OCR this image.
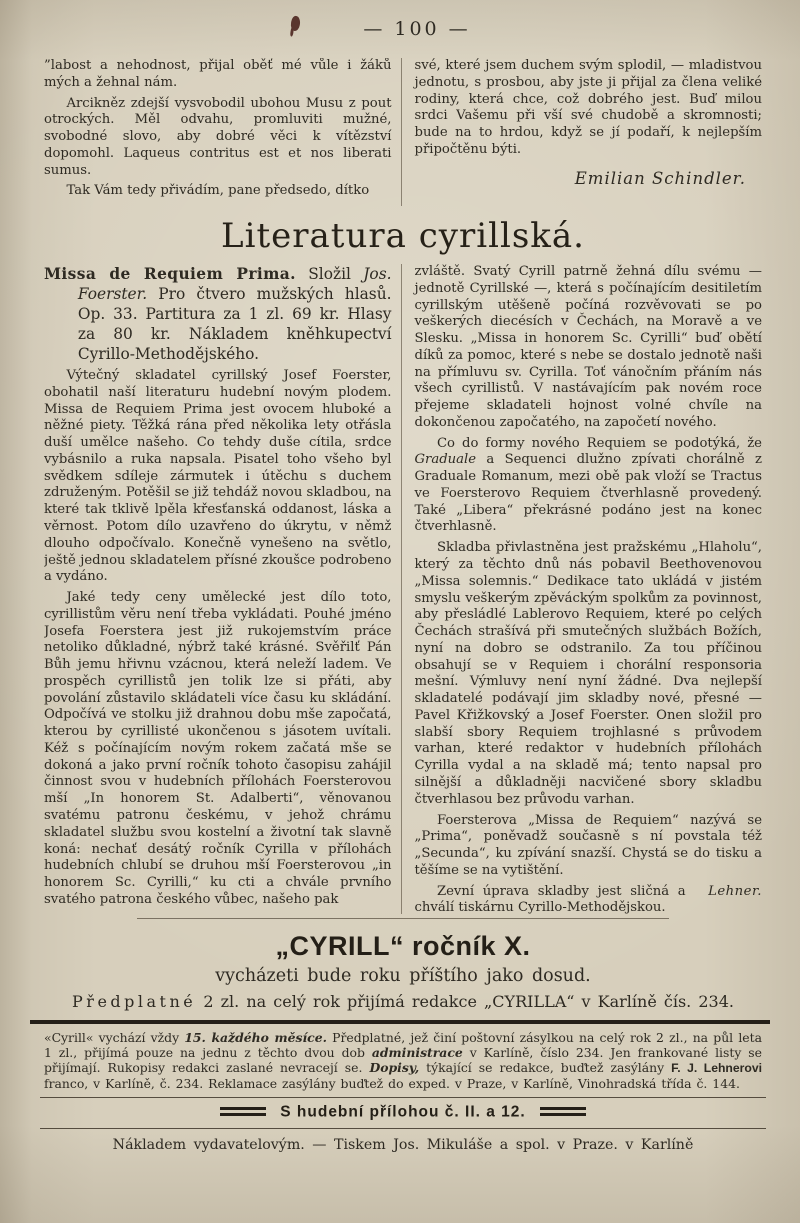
— 100 —

”labost a nehodnost, přijal oběť mé vůle i žáků mých a žehnal nám.

Arcikněz zdejší vysvobodil ubohou Musu z pout otrockých. Měl odvahu, promluviti mužné, svobodné slovo, aby dobré věci k vítězství dopomohl. Laqueus contritus est et nos liberati sumus.

Tak Vám tedy přivádím, pane předsedo, dítko

své, které jsem duchem svým splodil, — mladistvou jednotu, s prosbou, aby jste ji přijal za člena veliké rodiny, která chce, což dobrého jest. Buď milou srdci Vašemu při vší své chudobě a skromnosti; bude na to hrdou, když se jí podaří, k nejlepším připočtěnu býti.

Emilian Schindler.

Literatura cyrillská.

Missa de Requiem Prima. Složil Jos. Foerster. Pro čtvero mužských hlasů. Op. 33. Partitura za 1 zl. 69 kr. Hlasy za 80 kr. Nákladem kněhkupectví Cyrillo-Methodějského.

Výtečný skladatel cyrillský Josef Foerster, obohatil naší literaturu hudební novým plodem. Missa de Requiem Prima jest ovocem hluboké a něžné piety. Těžká rána před několika lety otřásla duší umělce našeho. Co tehdy duše cítila, srdce vybásnilo a ruka napsala. Pisatel toho všeho byl svědkem sdíleje zármutek i útěchu s duchem združeným. Potěšil se již tehdáž novou skladbou, na které tak tklivě lpěla křesťanská oddanost, láska a věrnost. Potom dílo uzavřeno do úkrytu, v němž dlouho odpočívalo. Konečně vynešeno na světlo, ještě jednou skladatelem přísné zkoušce podrobeno a vydáno.

Jaké tedy ceny umělecké jest dílo toto, cyrillistům věru není třeba vykládati. Pouhé jméno Josefa Foerstera jest již rukojemstvím práce netoliko důkladné, nýbrž také krásné. Svěřilť Pán Bůh jemu hřivnu vzácnou, která neleží ladem. Ve prospěch cyrillistů jen tolik lze si přáti, aby povolání zůstavilo skládateli více času ku skládání. Odpočívá ve stolku již drahnou dobu mše započatá, kterou by cyrillisté ukončenou s jásotem uvítali. Kéž s počínajícím novým rokem začatá mše se dokoná a jako první ročník tohoto časopisu zahájil činnost svou v hudebních přílohách Foersterovou mší „In honorem St. Adalberti“, věnovanou svatému patronu českému, v jehož chrámu skladatel službu svou kostelní a životní tak slavně koná: nechať desátý ročník Cyrilla v přílohách hudebních chlubí se druhou mší Foersterovou „in honorem Sc. Cyrilli,“ ku cti a chvále prvního svatého patrona českého vůbec, našeho pak

zvláště. Svatý Cyrill patrně žehná dílu svému — jednotě Cyrillské —, která s počínajícím desitiletím cyrillským utěšeně počíná rozvěvovati se po veškerých diecésích v Čechách, na Moravě a ve Slesku. „Missa in honorem Sc. Cyrilli“ buď obětí díků za pomoc, které s nebe se dostalo jednotě naši na přímluvu sv. Cyrilla. Toť vánočním přáním nás všech cyrillistů. V nastávajícím pak novém roce přejeme skladateli hojnost volné chvíle na dokončenou započatého, na započetí nového.

Co do formy nového Requiem se podotýká, že Graduale a Sequenci dlužno zpívati chorálně z Graduale Romanum, mezi obě pak vloží se Tractus ve Foersterovo Requiem čtverhlasně provedený. Také „Libera“ překrásné podáno jest na konec čtverhlasně.

Skladba přivlastněna jest pražskému „Hlaholu“, který za těchto dnů nás pobavil Beethovenovou „Missa solemnis.“ Dedikace tato ukládá v jistém smyslu veškerým zpěváckým spolkům za povinnost, aby přesládlé Lablerovo Requiem, které po celých Čechách strašívá při smutečných službách Božích, nyní na dobro se odstranilo. Za tou příčinou obsahují se v Requiem i chorální responsoria mešní. Výmluvy není nyní žádné. Dva nejlepší skladatelé podávají jim skladby nové, přesné — Pavel Křižkovský a Josef Foerster. Onen složil pro slabší sbory Requiem trojhlasné s průvodem varhan, které redaktor v hudebních přílohách Cyrilla vydal a na skladě má; tento napsal pro silnější a důkladněji nacvičené sbory skladbu čtverhlasou bez průvodu varhan.

Foersterova „Missa de Requiem“ nazývá se „Prima“, poněvadž současně s ní povstala též „Secunda“, ku zpívání snazší. Chystá se do tisku a těšíme se na vytištění.

Lehner.
Zevní úprava skladby jest sličná a chválí tiskárnu Cyrillo-Methodějskou.

„CYRILL“ ročník X.

vycházeti bude roku příštího jako dosud.

Předplatné 2 zl. na celý rok přijímá redakce „CYRILLA“ v Karlíně čís. 234.

«Cyrill« vychází vždy 15. každého měsíce. Předplatné, jež činí poštovní zásylkou na celý rok 2 zl., na půl leta 1 zl., přijímá pouze na jednu z těchto dvou dob administrace v Karlíně, číslo 234. Jen frankované listy se přijímají. Rukopisy redakci zaslané nevracejí se. Dopisy, týkající se redakce, buďtež zasýlány F. J. Lehnerovi franco, v Karlíně, č. 234. Reklamace zasýlány buďtež do exped. v Praze, v Karlíně, Vinohradská třída č. 144.

S hudební přílohou č. II. a 12.

Nákladem vydavatelovým. — Tiskem Jos. Mikuláše a spol. v Praze. v Karlíně
